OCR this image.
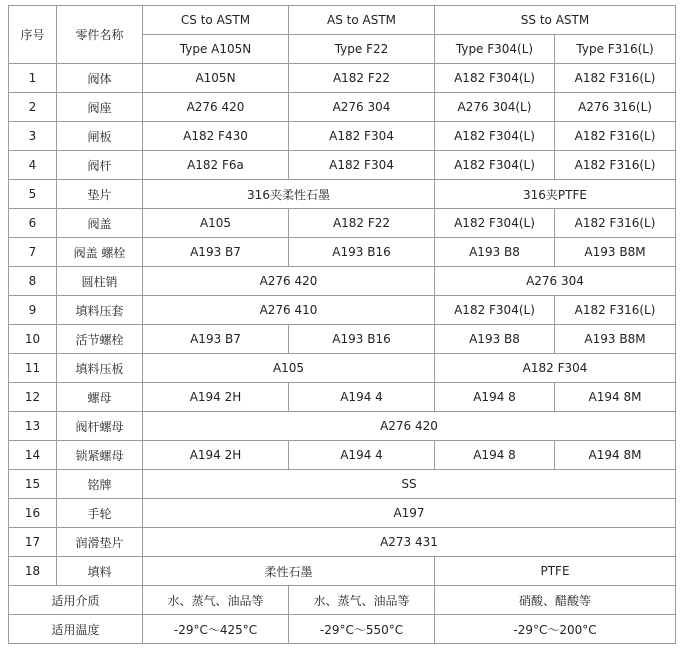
序号	零件名称	CS to ASTM	AS to ASTM	SS to ASTM	
		Type A105N	Type F22	Type F304(L)	Type F316(L)
1	阀体	A105N	A182 F22	A182 F304(L)	A182 F316(L)
2	阀座	A276 420	A276 304	A276 304(L)	A276 316(L)
3	闸板	A182 F430	A182 F304	A182 F304(L)	A182 F316(L)
4	阀杆	A182 F6a	A182 F304	A182 F304(L)	A182 F316(L)
5	垫片	316夹柔性石墨		316夹PTFE	
6	阀盖	A105	A182 F22	A182 F304(L)	A182 F316(L)
7	阀盖 螺栓	A193 B7	A193 B16	A193 B8	A193 B8M
8	圆柱销	A276 420		A276 304	
9	填料压套	A276 410		A182 F304(L)	A182 F316(L)
10	活节螺栓	A193 B7	A193 B16	A193 B8	A193 B8M
11	填料压板	A105		A182 F304	
12	螺母	A194 2H	A194 4	A194 8	A194 8M
13	阀杆螺母	A276 420			
14	锁紧螺母	A194 2H	A194 4	A194 8	A194 8M
15	铭牌	SS			
16	手轮	A197			
17	润滑垫片	A273 431			
18	填料	柔性石墨		PTFE	
适用介质		水、蒸气、油品等	水、蒸气、油品等	硝酸、醋酸等	
适用温度		-29°C～425°C	-29°C～550°C	-29°C～200°C	
